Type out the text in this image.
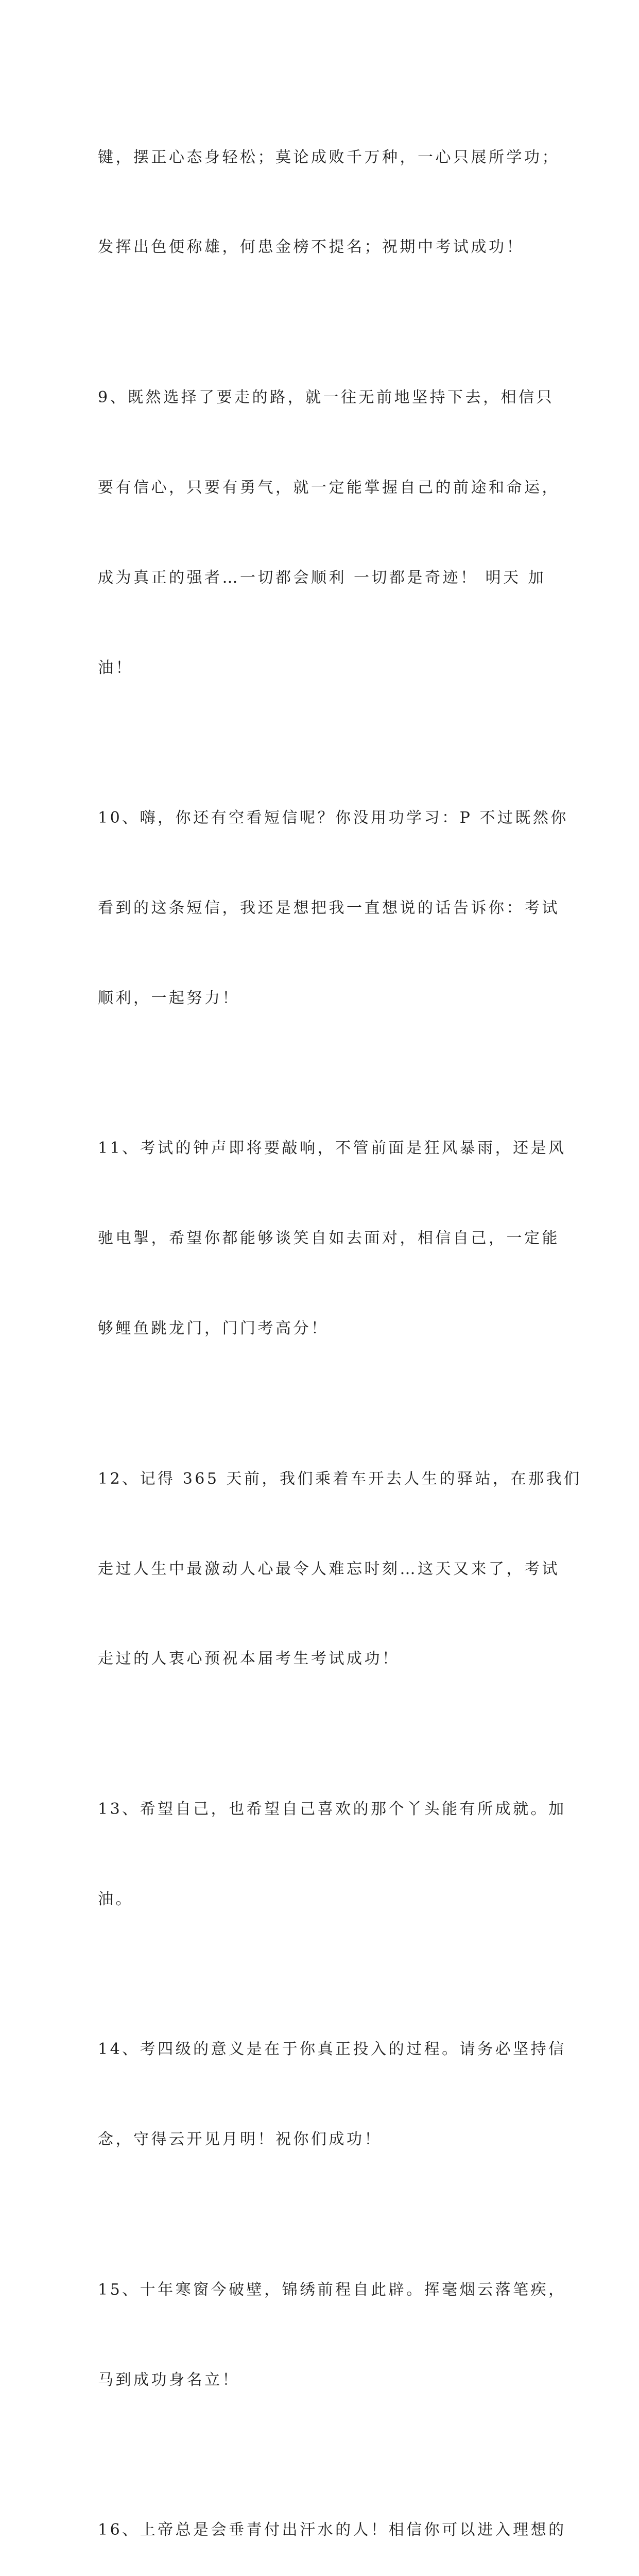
键，摆正心态身轻松；莫论成败千万种，一心只展所学功；

发挥出色便称雄，何患金榜不提名；祝期中考试成功！

9、既然选择了要走的路，就一往无前地坚持下去，相信只

要有信心，只要有勇气，就一定能掌握自己的前途和命运，

成为真正的强者…一切都会顺利 一切都是奇迹！ 明天 加

油！

10、嗨，你还有空看短信呢？你没用功学习：P 不过既然你

看到的这条短信，我还是想把我一直想说的话告诉你：考试

顺利，一起努力！

11、考试的钟声即将要敲响，不管前面是狂风暴雨，还是风

驰电掣，希望你都能够谈笑自如去面对，相信自己，一定能

够鲤鱼跳龙门，门门考高分！

12、记得 365 天前，我们乘着车开去人生的驿站，在那我们

走过人生中最激动人心最令人难忘时刻…这天又来了，考试

走过的人衷心预祝本届考生考试成功！

13、希望自己，也希望自己喜欢的那个丫头能有所成就。加

油。

14、考四级的意义是在于你真正投入的过程。请务必坚持信

念，守得云开见月明！祝你们成功！

15、十年寒窗今破壁，锦绣前程自此辟。挥毫烟云落笔疾，

马到成功身名立！

16、上帝总是会垂青付出汗水的人！相信你可以进入理想的
